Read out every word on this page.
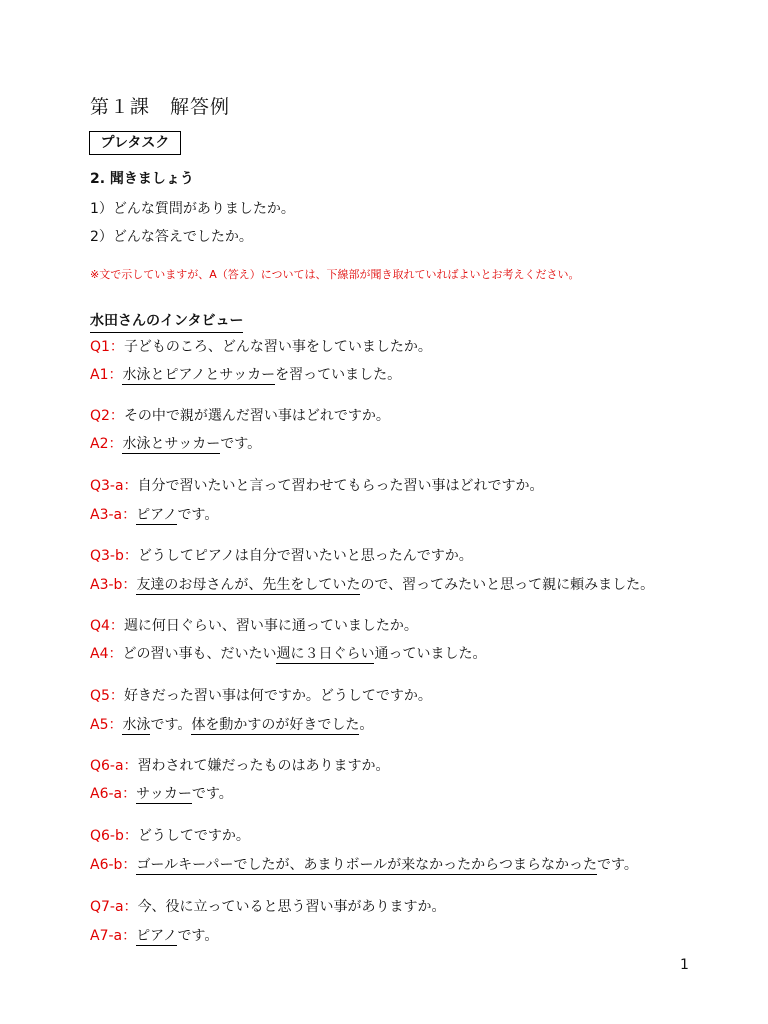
第１課　解答例
プレタスク
2. 聞きましょう
1）どんな質問がありましたか。
2）どんな答えでしたか。
※文で示していますが、A（答え）については、下線部が聞き取れていればよいとお考えください。
水田さんのインタビュー
Q1：子どものころ、どんな習い事をしていましたか。
A1：水泳とピアノとサッカーを習っていました。
Q2：その中で親が選んだ習い事はどれですか。
A2：水泳とサッカーです。
Q3-a：自分で習いたいと言って習わせてもらった習い事はどれですか。
A3-a：ピアノです。
Q3-b：どうしてピアノは自分で習いたいと思ったんですか。
A3-b：友達のお母さんが、先生をしていたので、習ってみたいと思って親に頼みました。
Q4：週に何日ぐらい、習い事に通っていましたか。
A4：どの習い事も、だいたい週に３日ぐらい通っていました。
Q5：好きだった習い事は何ですか。どうしてですか。
A5：水泳です。体を動かすのが好きでした。
Q6-a：習わされて嫌だったものはありますか。
A6-a：サッカーです。
Q6-b：どうしてですか。
A6-b：ゴールキーパーでしたが、あまりボールが来なかったからつまらなかったです。
Q7-a：今、役に立っていると思う習い事がありますか。
A7-a：ピアノです。
1
